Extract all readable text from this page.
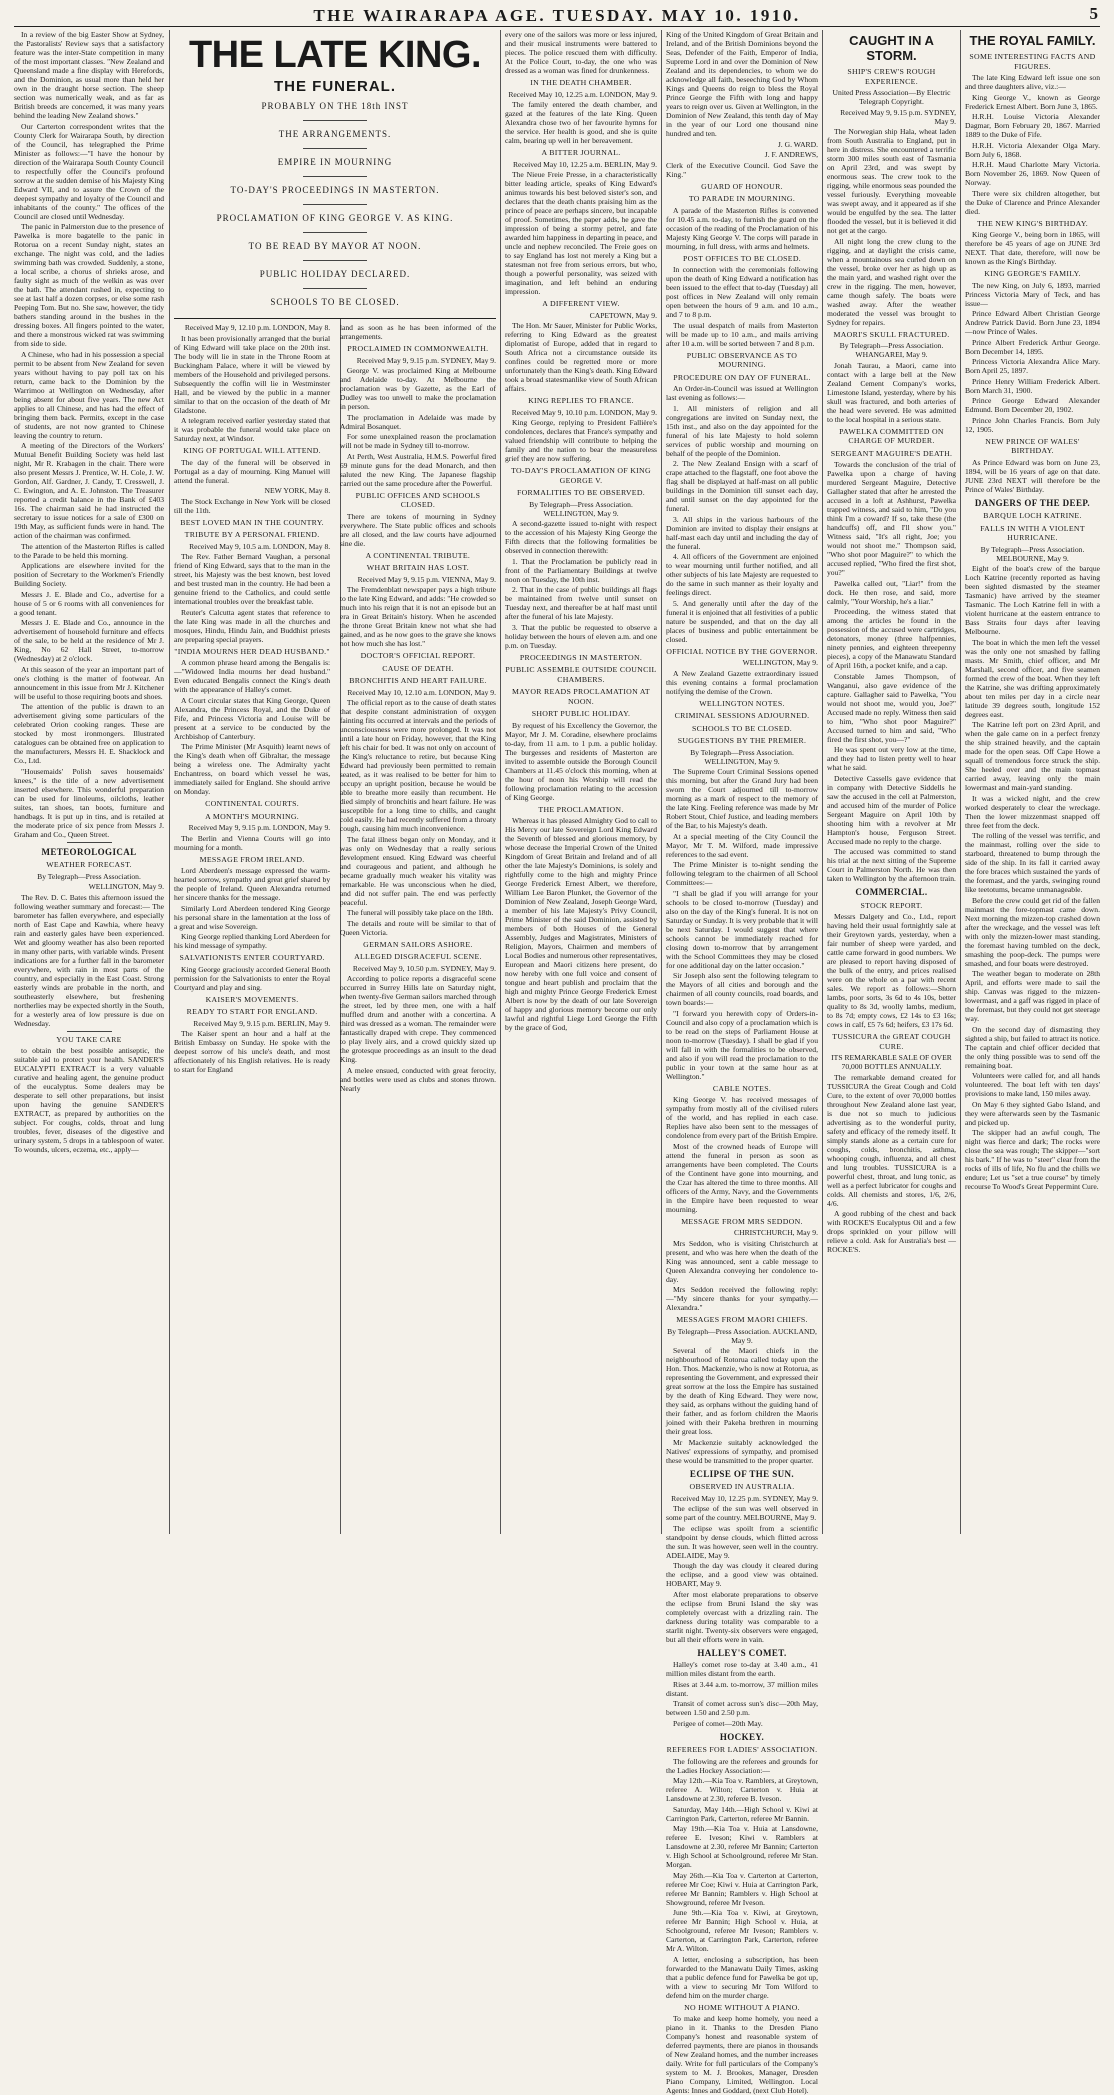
THE WAIRARAPA AGE. TUESDAY. MAY 10. 1910.	5

In a review of the big Easter Show at Sydney, the Pastoralists' Review says that a satisfactory feature was the inter-State competition in many of the most important classes. "New Zealand and Queensland made a fine display with Herefords, and the Dominion, as usual more than held her own in the draught horse section. The sheep section was numerically weak, and as far as British breeds are concerned, it was many years behind the leading New Zealand shows."

Our Carterton correspondent writes that the County Clerk for Wairarapa South, by direction of the Council, has telegraphed the Prime Minister as follows:—"I have the honour by direction of the Wairarapa South County Council to respectfully offer the Council's profound sorrow at the sudden demise of his Majesty King Edward VII, and to assure the Crown of the deepest sympathy and loyalty of the Council and inhabitants of the county." The offices of the Council are closed until Wednesday.

The panic in Palmerston due to the presence of Pawelka is more bagatelle to the panic in Rotorua on a recent Sunday night, states an exchange. The night was cold, and the ladies swimming bath was crowded. Suddenly, a stone, a local scribe, a chorus of shrieks arose, and faulty sight as much of the welkin as was over the bath. The attendant rushed in, expecting to see at last half a dozen corpses, or else some rash Peeping Tom. But no. She saw, however, the tidy bathers standing around in the bushes in the dressing boxes. All fingers pointed to the water, and there a monstrous wicked rat was swimming from side to side.

A Chinese, who had in his possession a special permit to be absent from New Zealand for seven years without having to pay poll tax on his return, came back to the Dominion by the Warrimoo at Wellington on Wednesday, after being absent for about five years. The new Act applies to all Chinese, and has had the effect of bringing them back. Permits, except in the case of students, are not now granted to Chinese leaving the country to return.

A meeting of the Directors of the Workers' Mutual Benefit Building Society was held last night, Mr R. Krabagen in the chair. There were also present Messrs J. Prentice, W. H. Cole, J. W. Gordon, Alf. Gardner, J. Candy, T. Cresswell, J. C. Ewington, and A. E. Johnston. The Treasurer reported a credit balance in the Bank of £403 16s. The chairman said he had instructed the secretary to issue notices for a sale of £300 on 19th May, as sufficient funds were in hand. The action of the chairman was confirmed.

The attention of the Masterton Rifles is called to the Parade to be held this morning.

Applications are elsewhere invited for the position of Secretary to the Workmen's Friendly Building Society.

Messrs J. E. Blade and Co., advertise for a house of 5 or 6 rooms with all conveniences for a good tenant.

Messrs J. E. Blade and Co., announce in the advertisement of household furniture and effects of the sale, to be held at the residence of Mr J. King, No 62 Hall Street, to-morrow (Wednesday) at 2 o'clock.

At this season of the year an important part of one's clothing is the matter of footwear. An announcement in this issue from Mr J. Kitchener will be useful to those requiring boots and shoes.

The attention of the public is drawn to an advertisement giving some particulars of the celebrated Orion cooking ranges. These are stocked by most ironmongers. Illustrated catalogues can be obtained free on application to the manufacturers, Messrs H. E. Shacklock and Co., Ltd.

"Housemaids' Polish saves housemaids' knees," is the title of a new advertisement inserted elsewhere. This wonderful preparation can be used for linoleums, oilcloths, leather suites, tan shoes, tan boots, furniture and handbags. It is put up in tins, and is retailed at the moderate price of six pence from Messrs J. Graham and Co., Queen Street.

METEOROLOGICAL
WEATHER FORECAST.

By Telegraph—Press Association.

WELLINGTON, May 9.

The Rev. D. C. Bates this afternoon issued the following weather summary and forecast:— The barometer has fallen everywhere, and especially north of East Cape and Kawhia, where heavy rain and easterly gales have been experienced. Wet and gloomy weather has also been reported in many other parts, with variable winds. Present indications are for a further fall in the barometer everywhere, with rain in most parts of the country, and especially in the East Coast. Strong easterly winds are probable in the north, and southeasterly elsewhere, but freshening northerlies may be expected shortly in the South, for a westerly area of low pressure is due on Wednesday.

YOU TAKE CARE

to obtain the best possible antiseptic, the suitable aid to protect your health. SANDER'S EUCALYPTI EXTRACT is a very valuable curative and healing agent, the genuine product of the eucalyptus. Some dealers may be desperate to sell other preparations, but insist upon having the genuine SANDER'S EXTRACT, as prepared by authorities on the subject. For coughs, colds, throat and lung troubles, fever, diseases of the digestive and urinary system, 5 drops in a tablespoon of water. To wounds, ulcers, eczema, etc., apply—

THE LATE KING.
THE FUNERAL.
PROBABLY ON THE 18th INST
THE ARRANGEMENTS.
EMPIRE IN MOURNING
TO-DAY'S PROCEEDINGS IN MASTERTON.
PROCLAMATION OF KING GEORGE V. AS KING.
TO BE READ BY MAYOR AT NOON.
PUBLIC HOLIDAY DECLARED.
SCHOOLS TO BE CLOSED.

Received May 9, 12.10 p.m. LONDON, May 8.

It has been provisionally arranged that the burial of King Edward will take place on the 20th inst. The body will lie in state in the Throne Room at Buckingham Palace, where it will be viewed by members of the Household and privileged persons. Subsequently the coffin will lie in Westminster Hall, and be viewed by the public in a manner similar to that on the occasion of the death of Mr Gladstone.

A telegram received earlier yesterday stated that it was probable the funeral would take place on Saturday next, at Windsor.

KING OF PORTUGAL WILL ATTEND.

The day of the funeral will be observed in Portugal as a day of mourning. King Manuel will attend the funeral.

NEW YORK, May 8.

The Stock Exchange in New York will be closed till the 11th.

BEST LOVED MAN IN THE COUNTRY.
TRIBUTE BY A PERSONAL FRIEND.

Received May 9, 10.5 a.m. LONDON, May 8.

The Rev. Father Bernard Vaughan, a personal friend of King Edward, says that to the man in the street, his Majesty was the best known, best loved and best trusted man in the country. He had been a genuine friend to the Catholics, and could settle international troubles over the breakfast table.

Reuter's Calcutta agent states that reference to the late King was made in all the churches and mosques, Hindu, Hindu Jain, and Buddhist priests are preparing special prayers.

"INDIA MOURNS HER DEAD HUSBAND."

A common phrase heard among the Bengalis is:—"Widowed India mourns her dead husband." Even educated Bengalis connect the King's death with the appearance of Halley's comet.

A Court circular states that King George, Queen Alexandra, the Princess Royal, and the Duke of Fife, and Princess Victoria and Louise will be present at a service to be conducted by the Archbishop of Canterbury.

The Prime Minister (Mr Asquith) learnt news of the King's death when off Gibraltar, the message being a wireless one. The Admiralty yacht Enchantress, on board which vessel he was, immediately sailed for England. She should arrive on Monday.

CONTINENTAL COURTS.
A MONTH'S MOURNING.

Received May 9, 9.15 p.m. LONDON, May 9.

The Berlin and Vienna Courts will go into mourning for a month.

MESSAGE FROM IRELAND.

Lord Aberdeen's message expressed the warm-hearted sorrow, sympathy and great grief shared by the people of Ireland. Queen Alexandra returned her sincere thanks for the message.

Similarly Lord Aberdeen tendered King George his personal share in the lamentation at the loss of a great and wise Sovereign.

King George replied thanking Lord Aberdeen for his kind message of sympathy.

SALVATIONISTS ENTER COURTYARD.

King George graciously accorded General Booth permission for the Salvationists to enter the Royal Courtyard and play and sing.

KAISER'S MOVEMENTS.
READY TO START FOR ENGLAND.

Received May 9, 9.15 p.m. BERLIN, May 9.

The Kaiser spent an hour and a half at the British Embassy on Sunday. He spoke with the deepest sorrow of his uncle's death, and most affectionately of his English relatives. He is ready to start for England

land as soon as he has been informed of the arrangements.

PROCLAIMED IN COMMONWEALTH.

Received May 9, 9.15 p.m. SYDNEY, May 9.

George V. was proclaimed King at Melbourne and Adelaide to-day. At Melbourne the proclamation was by Gazette, as the Earl of Dudley was too unwell to make the proclamation in person.

The proclamation in Adelaide was made by Admiral Bosanquet.

For some unexplained reason the proclamation will not be made in Sydney till to-morrow.

At Perth, West Australia, H.M.S. Powerful fired 69 minute guns for the dead Monarch, and then saluted the new King. The Japanese flagship carried out the same procedure after the Powerful.

PUBLIC OFFICES AND SCHOOLS CLOSED.

There are tokens of mourning in Sydney everywhere. The State public offices and schools are all closed, and the law courts have adjourned sine die.

A CONTINENTAL TRIBUTE.
WHAT BRITAIN HAS LOST.

Received May 9, 9.15 p.m. VIENNA, May 9.

The Fremdenblatt newspaper pays a high tribute to the late King Edward, and adds: "He crowded so much into his reign that it is not an episode but an era in Great Britain's history. When he ascended the throne Great Britain knew not what she had gained, and as he now goes to the grave she knows not how much she has lost."

DOCTOR'S OFFICIAL REPORT.
CAUSE OF DEATH.
BRONCHITIS AND HEART FAILURE.

Received May 10, 12.10 a.m. LONDON, May 9.

The official report as to the cause of death states that despite constant administration of oxygen fainting fits occurred at intervals and the periods of unconsciousness were more prolonged. It was not until a late hour on Friday, however, that the King left his chair for bed. It was not only on account of the King's reluctance to retire, but because King Edward had previously been permitted to remain seated, as it was realised to be better for him to occupy an upright position, because he would be able to breathe more easily than recumbent. He died simply of bronchitis and heart failure. He was susceptible for a long time to chills, and caught cold easily. He had recently suffered from a throaty cough, causing him much inconvenience.

The fatal illness began only on Monday, and it was only on Wednesday that a really serious development ensued. King Edward was cheerful and courageous and patient, and although he became gradually much weaker his vitality was remarkable. He was unconscious when he died, and did not suffer pain. The end was perfectly peaceful.

The funeral will possibly take place on the 18th.

The details and route will be similar to that of Queen Victoria.

GERMAN SAILORS ASHORE.
ALLEGED DISGRACEFUL SCENE.

Received May 9, 10.50 p.m. SYDNEY, May 9.

According to police reports a disgraceful scene occurred in Surrey Hills late on Saturday night, when twenty-five German sailors marched through the street, led by three men, one with a half muffled drum and another with a concertina. A third was dressed as a woman. The remainder were fantastically draped with crepe. They commenced to play lively airs, and a crowd quickly sized up the grotesque proceedings as an insult to the dead King.

A melee ensued, conducted with great ferocity, and bottles were used as clubs and stones thrown. Nearly

every one of the sailors was more or less injured, and their musical instruments were battered to pieces. The police rescued them with difficulty. At the Police Court, to-day, the one who was dressed as a woman was fined for drunkenness.

IN THE DEATH CHAMBER.

Received May 10, 12.25 a.m. LONDON, May 9.

The family entered the death chamber, and gazed at the features of the late King. Queen Alexandra chose two of her favourite hymns for the service. Her health is good, and she is quite calm, bearing up well in her bereavement.

A BITTER JOURNAL.

Received May 10, 12.25 a.m. BERLIN, May 9.

The Nieue Freie Presse, in a characteristically bitter leading article, speaks of King Edward's animus towards his best beloved sister's son, and declares that the death chants praising him as the prince of peace are perhaps sincere, but incapable of proof. Sometimes, the paper adds, he gave the impression of being a stormy petrel, and fate awarded him happiness in departing in peace, and uncle and nephew reconciled. The Freie goes on to say England has lost not merely a King but a statesman not free from serious errors, but who, though a powerful personality, was seized with imagination, and left behind an enduring impression.

A DIFFERENT VIEW.

CAPETOWN, May 9.

The Hon. Mr Sauer, Minister for Public Works, referring to King Edward as the greatest diplomatist of Europe, added that in regard to South Africa not a circumstance outside its confines could be regretted more or more unfortunately than the King's death. King Edward took a broad statesmanlike view of South African affairs.

KING REPLIES TO FRANCE.

Received May 9, 10.10 p.m. LONDON, May 9.

King George, replying to President Fallière's condolences, declares that France's sympathy and valued friendship will contribute to helping the family and the nation to bear the measureless grief they are now suffering.

TO-DAY'S PROCLAMATION OF KING GEORGE V.
FORMALITIES TO BE OBSERVED.

By Telegraph—Press Association. WELLINGTON, May 9.

A second-gazette issued to-night with respect to the accession of his Majesty King George the Fifth directs that the following formalities be observed in connection therewith:

1. That the Proclamation be publicly read in front of the Parliamentary Buildings at twelve noon on Tuesday, the 10th inst.

2. That in the case of public buildings all flags be maintained from twelve until sunset on Tuesday next, and thereafter be at half mast until after the funeral of his late Majesty.

3. That the public be requested to observe a holiday between the hours of eleven a.m. and one p.m. on Tuesday.

PROCEEDINGS IN MASTERTON.
PUBLIC ASSEMBLE OUTSIDE COUNCIL CHAMBERS.
MAYOR READS PROCLAMATION AT NOON.
SHORT PUBLIC HOLIDAY.

By request of his Excellency the Governor, the Mayor, Mr J. M. Coradine, elsewhere proclaims to-day, from 11 a.m. to 1 p.m. a public holiday. The burgesses and residents of Masterton are invited to assemble outside the Borough Council Chambers at 11.45 o'clock this morning, when at the hour of noon his Worship will read the following proclamation relating to the accession of King George.

THE PROCLAMATION.

Whereas it has pleased Almighty God to call to His Mercy our late Sovereign Lord King Edward the Seventh of blessed and glorious memory, by whose decease the Imperial Crown of the United Kingdom of Great Britain and Ireland and of all other the late Majesty's Dominions, is solely and rightfully come to the high and mighty Prince George Frederick Ernest Albert, we therefore, William Lee Baron Plunket, the Governor of the Dominion of New Zealand, Joseph George Ward, a member of his late Majesty's Privy Council, Prime Minister of the said Dominion, assisted by members of both Houses of the General Assembly, Judges and Magistrates, Ministers of Religion, Mayors, Chairmen and members of Local Bodies and numerous other representatives, European and Maori citizens here present, do now hereby with one full voice and consent of tongue and heart publish and proclaim that the high and mighty Prince George Frederick Ernest Albert is now by the death of our late Sovereign of happy and glorious memory become our only lawful and rightful Liege Lord George the Fifth by the grace of God,

King of the United Kingdom of Great Britain and Ireland, and of the British Dominions beyond the Seas, Defender of the Faith, Emperor of India, Supreme Lord in and over the Dominion of New Zealand and its dependencies, to whom we do acknowledge all faith, beseeching God by Whom Kings and Queens do reign to bless the Royal Prince George the Fifth with long and happy years to reign over us. Given at Wellington, in the Dominion of New Zealand, this tenth day of May in the year of our Lord one thousand nine hundred and ten.

J. G. WARD.

J. F. ANDREWS,

Clerk of the Executive Council. God Save the King."

GUARD OF HONOUR.
TO PARADE IN MOURNING.

A parade of the Masterton Rifles is convened for 10.45 a.m. to-day, to furnish the guard on the occasion of the reading of the Proclamation of his Majesty King George V. The corps will parade in mourning, in full dress, with arms and helmets.

POST OFFICES TO BE CLOSED.

In connection with the ceremonials following upon the death of King Edward a notification has been issued to the effect that to-day (Tuesday) all post offices in New Zealand will only remain open between the hours of 9 a.m. and 10 a.m., and 7 to 8 p.m.

The usual despatch of mails from Masterton will be made up to 10 a.m., and mails arriving after 10 a.m. will be sorted between 7 and 8 p.m.

PUBLIC OBSERVANCE AS TO MOURNING.
PROCEDURE ON DAY OF FUNERAL.

An Order-in-Council was issued at Wellington last evening as follows:—

1. All ministers of religion and all congregations are invited on Sunday next, the 15th inst., and also on the day appointed for the funeral of his late Majesty to hold solemn services of public worship and mourning on behalf of the people of the Dominion.

2. The New Zealand Ensign with a scarf of crape attached to the flagstaff, one foot above the flag shall be displayed at half-mast on all public buildings in the Dominion till sunset each day, and until sunset on the day appointed for the funeral.

3. All ships in the various harbours of the Dominion are invited to display their ensigns at half-mast each day until and including the day of the funeral.

4. All officers of the Government are enjoined to wear mourning until further notified, and all other subjects of his late Majesty are requested to do the same in such manner as their loyalty and feelings direct.

5. And generally until after the day of the funeral it is enjoined that all festivities of a public nature be suspended, and that on the day all places of business and public entertainment be closed.

OFFICIAL NOTICE BY THE GOVERNOR.

WELLINGTON, May 9.

A New Zealand Gazette extraordinary issued this evening contains a formal proclamation notifying the demise of the Crown.

WELLINGTON NOTES.
CRIMINAL SESSIONS ADJOURNED.
SCHOOLS TO BE CLOSED.
SUGGESTIONS BY THE PREMIER.

By Telegraph—Press Association. WELLINGTON, May 9.

The Supreme Court Criminal Sessions opened this morning, but after the Grand Jury had been sworn the Court adjourned till to-morrow morning as a mark of respect to the memory of the late King. Feeling reference was made by Mr Robert Stout, Chief Justice, and leading members of the Bar, to his Majesty's death.

At a special meeting of the City Council the Mayor, Mr T. M. Wilford, made impressive references to the sad event.

The Prime Minister is to-night sending the following telegram to the chairmen of all School Committees:—

"I shall be glad if you will arrange for your schools to be closed to-morrow (Tuesday) and also on the day of the King's funeral. It is not on Saturday or Sunday. It is very probable that it will be next Saturday. I would suggest that where schools cannot be immediately reached for closing down to-morrow that by arrangement with the School Committees they may be closed for one additional day on the latter occasion."

Sir Joseph also sent the following telegram to the Mayors of all cities and borough and the chairmen of all county councils, road boards, and town boards:—

"I forward you herewith copy of Orders-in-Council and also copy of a proclamation which is to be read on the steps of Parliament House at noon to-morrow (Tuesday). I shall be glad if you will fall in with the formalities to be observed, and also if you will read the proclamation to the public in your town at the same hour as at Wellington."

CABLE NOTES.

King George V. has received messages of sympathy from mostly all of the civilised rulers of the world, and has replied in each case. Replies have also been sent to the messages of condolence from every part of the British Empire.

Most of the crowned heads of Europe will attend the funeral in person as soon as arrangements have been completed. The Courts of the Continent have gone into mourning, and the Czar has altered the time to three months. All officers of the Army, Navy, and the Governments in the Empire have been requested to wear mourning.

MESSAGE FROM MRS SEDDON.

CHRISTCHURCH, May 9.

Mrs Seddon, who is visiting Christchurch at present, and who was here when the death of the King was announced, sent a cable message to Queen Alexandra conveying her condolence to-day.

Mrs Seddon received the following reply:—"My sincere thanks for your sympathy.—Alexandra."

MESSAGES FROM MAORI CHIEFS.

By Telegraph—Press Association. AUCKLAND, May 9.

Several of the Maori chiefs in the neighbourhood of Rotorua called today upon the Hon. Thos. Mackenzie, who is now at Rotorua, as representing the Government, and expressed their great sorrow at the loss the Empire has sustained by the death of King Edward. They were now, they said, as orphans without the guiding hand of their father, and as forlorn children the Maoris joined with their Pakeha brethren in mourning their great loss.

Mr Mackenzie suitably acknowledged the Natives' expressions of sympathy, and promised these would be transmitted to the proper quarter.

ECLIPSE OF THE SUN.
OBSERVED IN AUSTRALIA.

Received May 10, 12.25 p.m. SYDNEY, May 9.

The eclipse of the sun was well observed in some part of the country. MELBOURNE, May 9.

The eclipse was spoilt from a scientific standpoint by dense clouds, which flitted across the sun. It was however, seen well in the country. ADELAIDE, May 9.

Though the day was cloudy it cleared during the eclipse, and a good view was obtained. HOBART, May 9.

After most elaborate preparations to observe the eclipse from Bruni Island the sky was completely overcast with a drizzling rain. The darkness during totality was comparable to a starlit night. Twenty-six observers were engaged, but all their efforts were in vain.

HALLEY'S COMET.

Halley's comet rose to-day at 3.40 a.m., 41 million miles distant from the earth.

Rises at 3.44 a.m. to-morrow, 37 million miles distant.

Transit of comet across sun's disc—20th May, between 1.50 and 2.50 p.m.

Perigee of comet—20th May.

HOCKEY.
REFEREES FOR LADIES' ASSOCIATION.

The following are the referees and grounds for the Ladies Hockey Association:—

May 12th.—Kia Toa v. Ramblers, at Greytown, referee A. Wilton; Carterton v. Huia at Lansdowne at 2.30, referee B. Iveson.

Saturday, May 14th.—High School v. Kiwi at Carrington Park, Carterton, referee Mr Bannin.

May 19th.—Kia Toa v. Huia at Lansdowne, referee E. Iveson; Kiwi v. Ramblers at Lansdowne at 2.30, referee Mr Bannin; Carterton v. High School at Schoolground, referee Mr Stan. Morgan.

May 26th.—Kia Toa v. Carterton at Carterton, referee Mr Coe; Kiwi v. Huia at Carrington Park, referee Mr Bannin; Ramblers v. High School at Showground, referee Mr Iveson.

June 9th.—Kia Toa v. Kiwi, at Greytown, referee Mr Bannin; High School v. Huia, at Schoolground, referee Mr Iveson; Ramblers v. Carterton, at Carrington Park, Carterton, referee Mr A. Wilton.

A letter, enclosing a subscription, has been forwarded to the Manawatu Daily Times, asking that a public defence fund for Pawelka be got up, with a view to securing Mr Tom Wilford to defend him on the murder charge.

NO HOME WITHOUT A PIANO.

To make and keep home homely, you need a piano in it. Thanks to the Dresden Piano Company's honest and reasonable system of deferred payments, there are pianos in thousands of New Zealand homes, and the number increases daily. Write for full particulars of the Company's system to M. J. Brookes, Manager, Dresden Piano Company, Limited, Wellington. Local Agents: Innes and Goddard, (next Club Hotel).

CAUGHT IN A STORM.
SHIP'S CREW'S ROUGH EXPERIENCE.

United Press Association—By Electric Telegraph Copyright.

Received May 9, 9.15 p.m. SYDNEY, May 9.

The Norwegian ship Hala, wheat laden from South Australia to England, put in here in distress. She encountered a terrific storm 300 miles south east of Tasmania on April 23rd, and was swept by enormous seas. The crew took to the rigging, while enormous seas pounded the vessel furiously. Everything moveable was swept away, and it appeared as if she would be engulfed by the sea. The latter flooded the vessel, but it is believed it did not get at the cargo.

All night long the crew clung to the rigging, and at daylight the crisis came, when a mountainous sea curled down on the vessel, broke over her as high up as the main yard, and washed right over the crew in the rigging. The men, however, came though safely. The boats were washed away. After the weather moderated the vessel was brought to Sydney for repairs.

MAORI'S SKULL FRACTURED.

By Telegraph—Press Association. WHANGAREI, May 9.

Jonah Taurau, a Maori, came into contact with a large bell at the New Zealand Cement Company's works, Limestone Island, yesterday, where by his skull was fractured, and both arteries of the head were severed. He was admitted to the local hospital in a serious state.

PAWELKA COMMITTED ON CHARGE OF MURDER.
SERGEANT MAGUIRE'S DEATH.

Towards the conclusion of the trial of Pawelka upon a charge of having murdered Sergeant Maguire, Detective Gallagher stated that after he arrested the accused in a loft at Ashhurst, Pawelka trapped witness, and said to him, "Do you think I'm a coward? If so, take these (the handcuffs) off, and I'll show you." Witness said, "It's all right, Joe; you would not shoot me." Thompson said, "Who shot poor Maguire?" to which the accused replied, "Who fired the first shot, you?"

Pawelka called out, "Liar!" from the dock. He then rose, and said, more calmly, "Your Worship, he's a liar."

Proceeding, the witness stated that among the articles he found in the possession of the accused were cartridges, detonators, money (three halfpennies, ninety pennies, and eighteen threepenny pieces), a copy of the Manawatu Standard of April 16th, a pocket knife, and a cap.

Constable James Thompson, of Wanganui, also gave evidence of the capture. Gallagher said to Pawelka, "You would not shoot me, would you, Joe?" Accused made no reply. Witness then said to him, "Who shot poor Maguire?" Accused turned to him and said, "Who fired the first shot, you—?"

He was spent out very low at the time, and they had to listen pretty well to hear what he said.

Detective Cassells gave evidence that in company with Detective Siddells he saw the accused in the cell at Palmerston, and accused him of the murder of Police Sergeant Maguire on April 10th by shooting him with a revolver at Mr Hampton's house, Ferguson Street. Accused made no reply to the charge.

The accused was committed to stand his trial at the next sitting of the Supreme Court in Palmerston North. He was then taken to Wellington by the afternoon train.

COMMERCIAL.
STOCK REPORT.

Messrs Dalgety and Co., Ltd., report having held their usual fortnightly sale at their Greytown yards, yesterday, when a fair number of sheep were yarded, and cattle came forward in good numbers. We are pleased to report having disposed of the bulk of the entry, and prices realised were on the whole on a par with recent sales. We report as follows:—Shorn lambs, poor sorts, 3s 6d to 4s 10s, better quality to 8s 3d, woolly lambs, medium, to 8s 7d; empty cows, £2 14s to £3 16s; cows in calf, £5 7s 6d; heifers, £3 17s 6d.

TUSSICURA the GREAT COUGH CURE.

ITS REMARKABLE SALE OF OVER 70,000 BOTTLES ANNUALLY.

The remarkable demand created for TUSSICURA the Great Cough and Cold Cure, to the extent of over 70,000 bottles throughout New Zealand alone last year, is due not so much to judicious advertising as to the wonderful purity, safety and efficacy of the remedy itself. It simply stands alone as a certain cure for coughs, colds, bronchitis, asthma, whooping cough, influenza, and all chest and lung troubles. TUSSICURA is a powerful chest, throat, and lung tonic, as well as a perfect lubricator for coughs and colds. All chemists and stores, 1/6, 2/6, 4/6.

A good rubbing of the chest and back with ROCKE'S Eucalyptus Oil and a few drops sprinkled on your pillow will relieve a cold. Ask for Australia's best —ROCKE'S.

THE ROYAL FAMILY.
SOME INTERESTING FACTS AND FIGURES.

The late King Edward left issue one son and three daughters alive, viz.:—

King George V., known as George Frederick Ernest Albert. Born June 3, 1865.

H.R.H. Louise Victoria Alexander Dagmar, Born February 20, 1867. Married 1889 to the Duke of Fife.

H.R.H. Victoria Alexander Olga Mary. Born July 6, 1868.

H.R.H. Maud Charlotte Mary Victoria. Born November 26, 1869. Now Queen of Norway.

There were six children altogether, but the Duke of Clarence and Prince Alexander died.

THE NEW KING'S BIRTHDAY.

King George V., being born in 1865, will therefore be 45 years of age on JUNE 3rd NEXT. That date, therefore, will now be known as the King's Birthday.

KING GEORGE'S FAMILY.

The new King, on July 6, 1893, married Princess Victoria Mary of Teck, and has issue—

Prince Edward Albert Christian George Andrew Patrick David. Born June 23, 1894—now Prince of Wales.

Prince Albert Frederick Arthur George. Born December 14, 1895.

Princess Victoria Alexandra Alice Mary. Born April 25, 1897.

Prince Henry William Frederick Albert. Born March 31, 1900.

Prince George Edward Alexander Edmund. Born December 20, 1902.

Prince John Charles Francis. Born July 12, 1905.

NEW PRINCE OF WALES' BIRTHDAY.

As Prince Edward was born on June 23, 1894, will be 16 years of age on that date. JUNE 23rd NEXT will therefore be the Prince of Wales' Birthday.

DANGERS OF THE DEEP.
BARQUE LOCH KATRINE.
FALLS IN WITH A VIOLENT HURRICANE.

By Telegraph—Press Association. MELBOURNE, May 9.

Eight of the boat's crew of the barque Loch Katrine (recently reported as having been sighted dismasted by the steamer Tasmanic) have arrived by the steamer Tasmanic. The Loch Katrine fell in with a violent hurricane at the eastern entrance to Bass Straits four days after leaving Melbourne.

The boat in which the men left the vessel was the only one not smashed by falling masts. Mr Smith, chief officer, and Mr Marshall, second officer, and five seamen formed the crew of the boat. When they left the Katrine, she was drifting approximately about ten miles per day in a circle near latitude 39 degrees south, longitude 152 degrees east.

The Katrine left port on 23rd April, and when the gale came on in a perfect frenzy the ship strained heavily, and the captain made for the open seas. Off Cape Howe a squall of tremendous force struck the ship. She heeled over and the main topmast carried away, leaving only the main lowermast and main-yard standing.

It was a wicked night, and the crew worked desperately to clear the wreckage. Then the lower mizzenmast snapped off three feet from the deck.

The rolling of the vessel was terrific, and the mainmast, rolling over the side to starboard, threatened to bump through the side of the ship. In its fall it carried away the fore braces which sustained the yards of the foremast, and the yards, swinging round like teetotums, became unmanageable.

Before the crew could get rid of the fallen mainmast the fore-topmast came down. Next morning the mizzen-top crashed down after the wreckage, and the vessel was left with only the mizzen-lower mast standing, the foremast having tumbled on the deck, smashing the poop-deck. The pumps were smashed, and four boats were destroyed.

The weather began to moderate on 28th April, and efforts were made to sail the ship. Canvas was rigged to the mizzen-lowermast, and a gaff was rigged in place of the foremast, but they could not get steerage way.

On the second day of dismasting they sighted a ship, but failed to attract its notice. The captain and chief officer decided that the only thing possible was to send off the remaining boat.

Volunteers were called for, and all hands volunteered. The boat left with ten days' provisions to make land, 150 miles away.

On May 6 they sighted Gabo Island, and they were afterwards seen by the Tasmanic and picked up.

The skipper had an awful cough, The night was fierce and dark; The rocks were close the sea was rough; The skipper—"sort his bark." If he was to "steer" clear from the rocks of ills of life, No flu and the chills we endure; Let us "set a true course" by timely recourse To Wood's Great Peppermint Cure.
